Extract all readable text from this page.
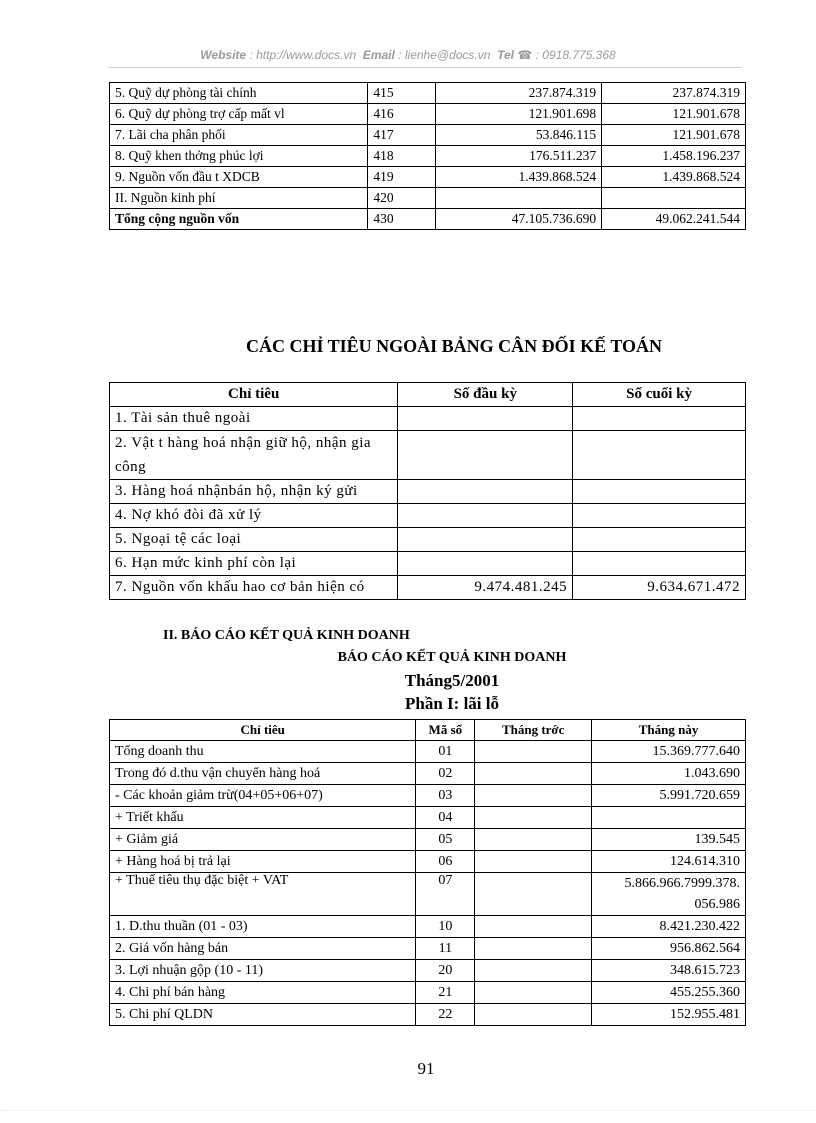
Website : http://www.docs.vn Email : lienhe@docs.vn Tel ☎ : 0918.775.368
5. Quỹ dự phòng tài chính	415	237.874.319	237.874.319
6. Quỹ dự phòng trợ cấp mất vl	416	121.901.698	121.901.678
7. Lãi cha phân phối	417	53.846.115	121.901.678
8. Quỹ khen thởng phúc lợi	418	176.511.237	1.458.196.237
9. Nguồn vốn đầu t XDCB	419	1.439.868.524	1.439.868.524
II. Nguồn kinh phí	420		
Tổng cộng nguồn vốn	430	47.105.736.690	49.062.241.544
CÁC CHỈ TIÊU NGOÀI BẢNG CÂN ĐỐI KẾ TOÁN
Chỉ tiêu	Số đầu kỳ	Số cuối kỳ
1. Tài sản thuê ngoài		
2. Vật t hàng hoá nhận giữ hộ, nhận gia công		
3. Hàng hoá nhậnbán hộ, nhận ký gửi		
4. Nợ khó đòi đã xử lý		
5. Ngoại tệ các loại		
6. Hạn mức kinh phí còn lại		
7. Nguồn vốn khấu hao cơ bản hiện có	9.474.481.245	9.634.671.472
II. BÁO CÁO KẾT QUẢ KINH DOANH
BÁO CÁO KẾT QUẢ KINH DOANH
Tháng5/2001
Phần I: lãi lỗ
Chỉ tiêu	Mã số	Tháng trớc	Tháng này
Tổng doanh thu	01		15.369.777.640
Trong đó d.thu vận chuyển hàng hoá	02		1.043.690
- Các khoản giảm trừ(04+05+06+07)	03		5.991.720.659
+ Triết khấu	04		
+ Giảm giá	05		139.545
+ Hàng hoá bị trả lại	06		124.614.310
+ Thuế tiêu thụ đặc biệt + VAT	07		5.866.966.7999.378.
056.986

1. D.thu thuần (01 - 03)	10		8.421.230.422
2. Giá vốn hàng bán	11		956.862.564
3. Lợi nhuận gộp (10 - 11)	20		348.615.723
4. Chi phí bán hàng	21		455.255.360
5. Chi phí QLDN	22		152.955.481
91
